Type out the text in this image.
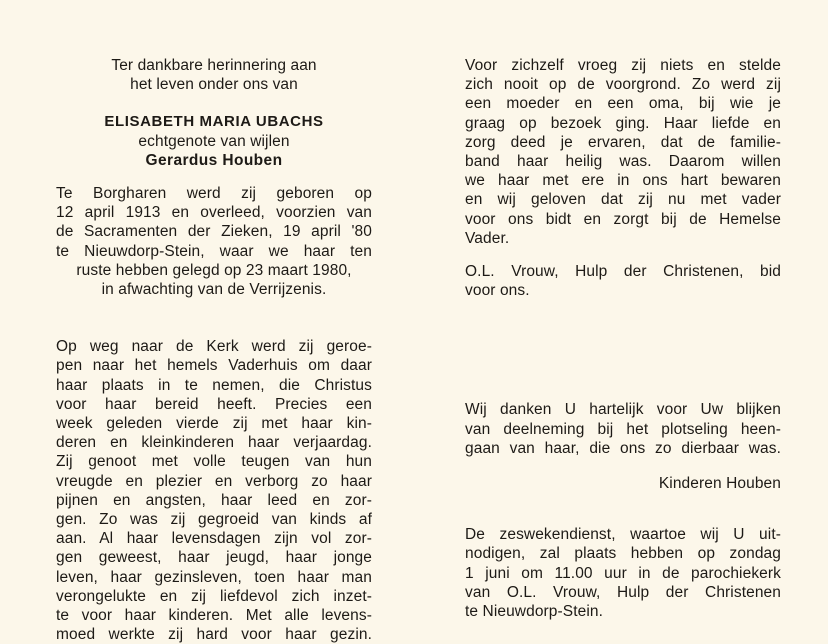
Ter dankbare herinnering aan
het leven onder ons van
ELISABETH MARIA UBACHS
echtgenote van wijlen
Gerardus Houben
Te Borgharen werd zij geboren op
12 april 1913 en overleed, voorzien van
de Sacramenten der Zieken, 19 april '80
te Nieuwdorp-Stein, waar we haar ten
ruste hebben gelegd op 23 maart 1980,
in afwachting van de Verrijzenis.
Op weg naar de Kerk werd zij geroe-
pen naar het hemels Vaderhuis om daar
haar plaats in te nemen, die Christus
voor haar bereid heeft. Precies een
week geleden vierde zij met haar kin-
deren en kleinkinderen haar verjaardag.
Zij genoot met volle teugen van hun
vreugde en plezier en verborg zo haar
pijnen en angsten, haar leed en zor-
gen. Zo was zij gegroeid van kinds af
aan. Al haar levensdagen zijn vol zor-
gen geweest, haar jeugd, haar jonge
leven, haar gezinsleven, toen haar man
verongelukte en zij liefdevol zich inzet-
te voor haar kinderen. Met alle levens-
moed werkte zij hard voor haar gezin.
Voor zichzelf vroeg zij niets en stelde
zich nooit op de voorgrond. Zo werd zij
een moeder en een oma, bij wie je
graag op bezoek ging. Haar liefde en
zorg deed je ervaren, dat de familie-
band haar heilig was. Daarom willen
we haar met ere in ons hart bewaren
en wij geloven dat zij nu met vader
voor ons bidt en zorgt bij de Hemelse
Vader.
O.L. Vrouw, Hulp der Christenen, bid
voor ons.
Wij danken U hartelijk voor Uw blijken
van deelneming bij het plotseling heen-
gaan van haar, die ons zo dierbaar was.
Kinderen Houben
De zeswekendienst, waartoe wij U uit-
nodigen, zal plaats hebben op zondag
1 juni om 11.00 uur in de parochiekerk
van O.L. Vrouw, Hulp der Christenen
te Nieuwdorp-Stein.
